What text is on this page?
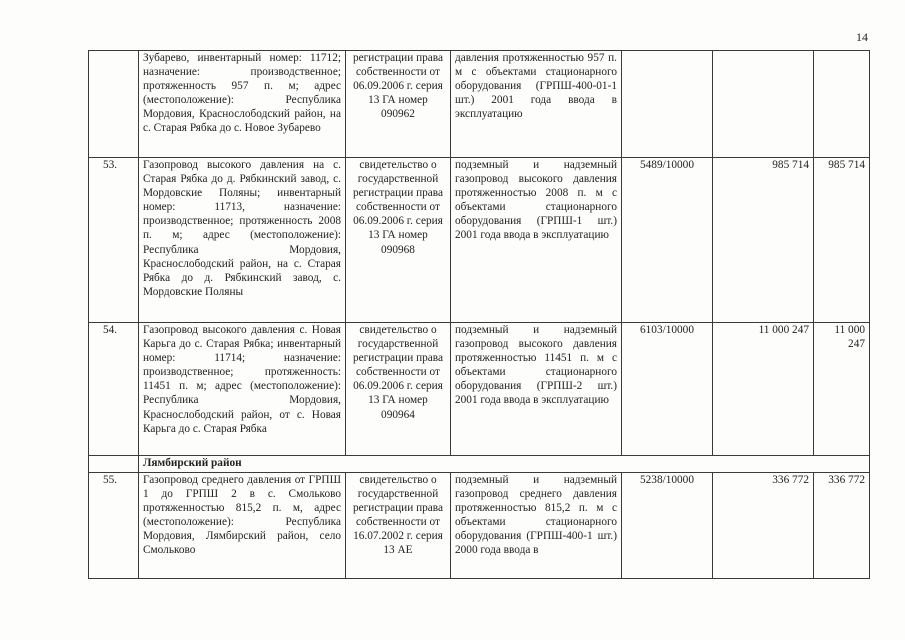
14
	Зубарево, инвентарный номер: 11712; назначение: производственное; протяженность 957 п. м; адрес (местоположение): Республика Мордовия, Краснослободский район, на с. Старая Рябка до с. Новое Зубарево	регистрации права собственности от 06.09.2006 г. серия 13 ГА номер 090962	давления протяженностью 957 п. м с объектами стационарного оборудования (ГРПШ-400-01-1 шт.) 2001 года ввода в эксплуатацию			
53.	Газопровод высокого давления на с. Старая Рябка до д. Рябкинский завод, с. Мордовские Поляны; инвентарный номер: 11713, назначение: производственное; протяженность 2008 п. м; адрес (местоположение): Республика Мордовия, Краснослободский район, на с. Старая Рябка до д. Рябкинский завод, с. Мордовские Поляны	свидетельство о государственной регистрации права собственности от 06.09.2006 г. серия 13 ГА номер 090968	подземный и надземный газопровод высокого давления протяженностью 2008 п. м с объектами стационарного оборудования (ГРПШ-1 шт.) 2001 года ввода в эксплуатацию	5489/10000	985 714	985 714
54.	Газопровод высокого давления с. Новая Карьга до с. Старая Рябка; инвентарный номер: 11714; назначение: производственное; протяженность: 11451 п. м; адрес (местоположение): Республика Мордовия, Краснослободский район, от с. Новая Карьга до с. Старая Рябка	свидетельство о государственной регистрации права собственности от 06.09.2006 г. серия 13 ГА номер 090964	подземный и надземный газопровод высокого давления протяженностью 11451 п. м с объектами стационарного оборудования (ГРПШ-2 шт.) 2001 года ввода в эксплуатацию	6103/10000	11 000 247	11 000 247
	Лямбирский район					
55.	Газопровод среднего давления от ГРПШ 1 до ГРПШ 2 в с. Смольково протяженностью 815,2 п. м, адрес (местоположение): Республика Мордовия, Лямбирский район, село Смольково	свидетельство о государственной регистрации права собственности от 16.07.2002 г. серия 13 АЕ	подземный и надземный газопровод среднего давления протяженностью 815,2 п. м с объектами стационарного оборудования (ГРПШ-400-1 шт.) 2000 года ввода в	5238/10000	336 772	336 772
